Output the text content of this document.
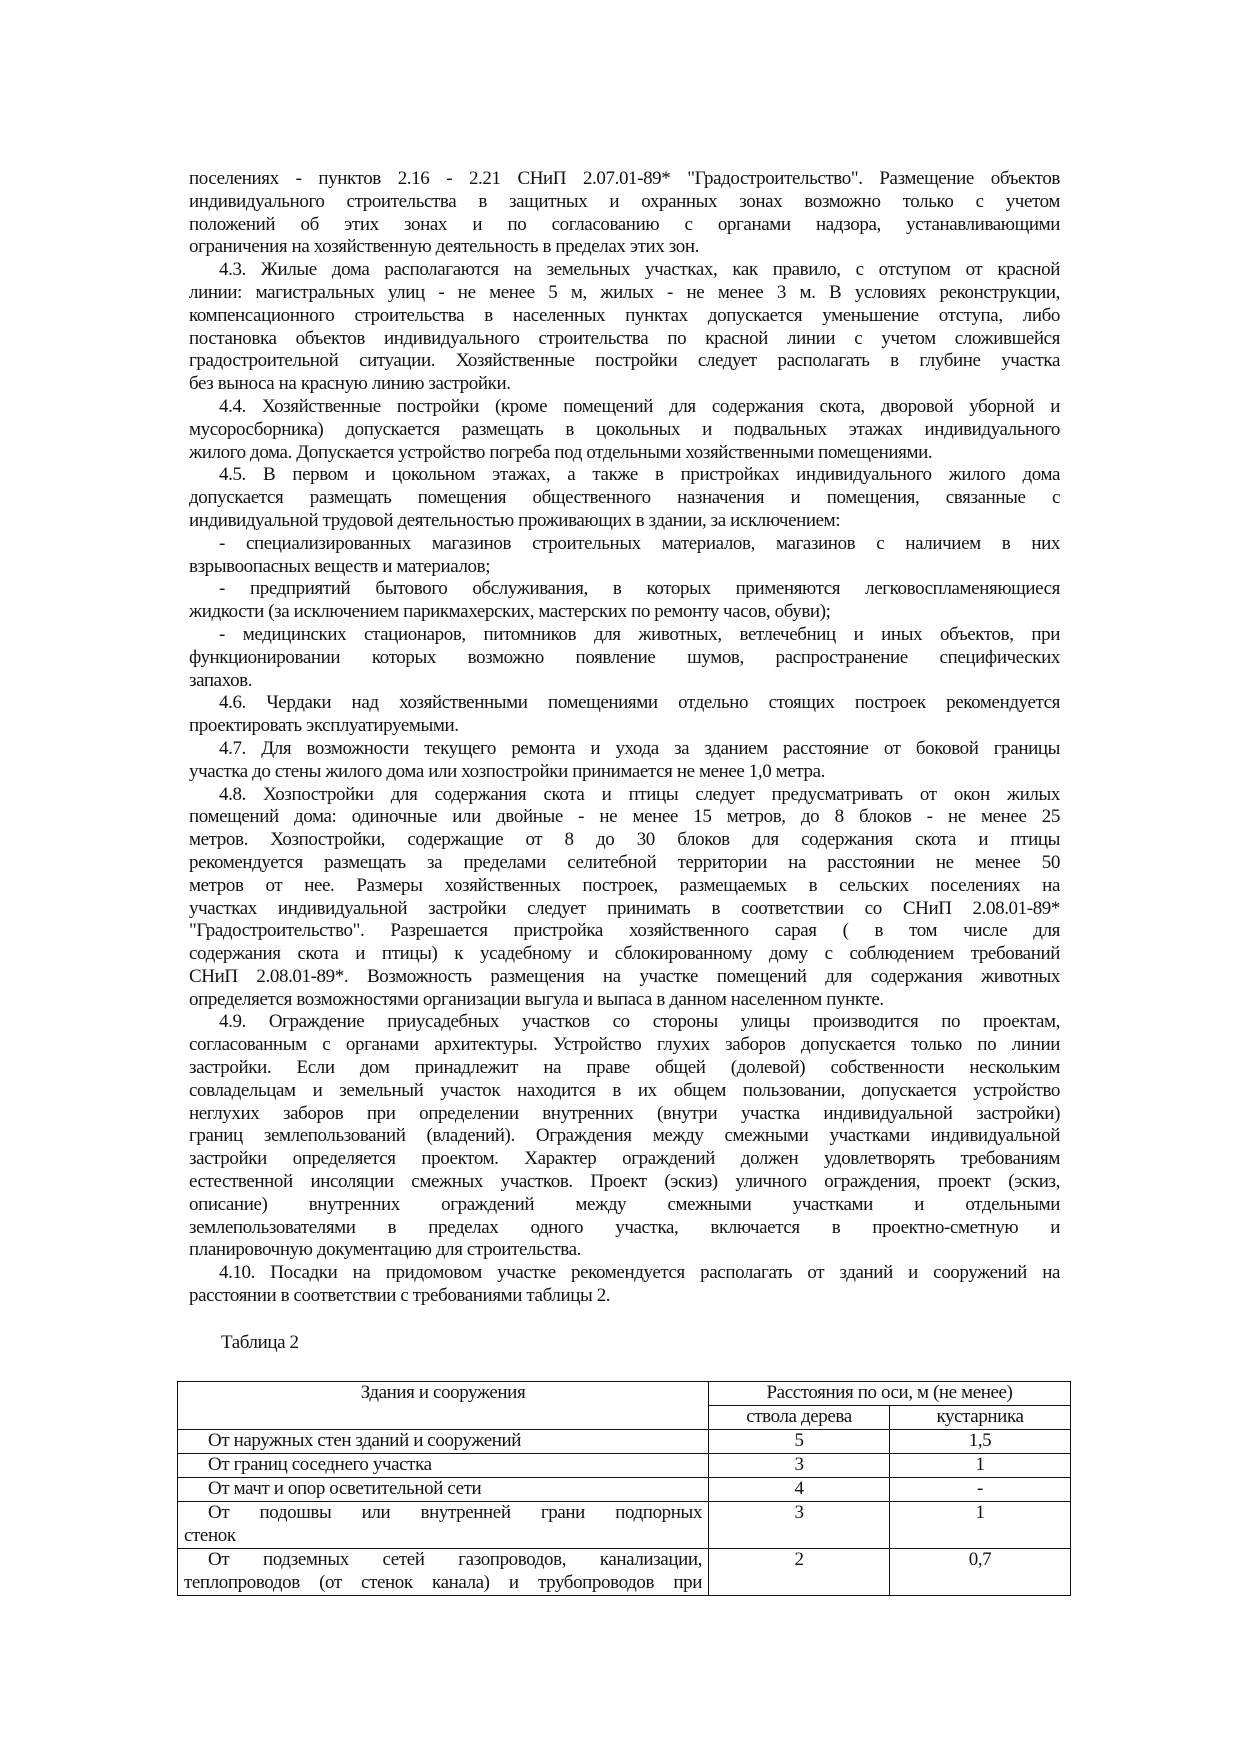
поселениях - пунктов 2.16 - 2.21 СНиП 2.07.01-89* "Градостроительство". Размещение объектов
индивидуального строительства в защитных и охранных зонах возможно только с учетом
положений об этих зонах и по согласованию с органами надзора, устанавливающими
ограничения на хозяйственную деятельность в пределах этих зон.
4.3. Жилые дома располагаются на земельных участках, как правило, с отступом от красной
линии: магистральных улиц - не менее 5 м, жилых - не менее 3 м. В условиях реконструкции,
компенсационного строительства в населенных пунктах допускается уменьшение отступа, либо
постановка объектов индивидуального строительства по красной линии с учетом сложившейся
градостроительной ситуации. Хозяйственные постройки следует располагать в глубине участка
без выноса на красную линию застройки.
4.4. Хозяйственные постройки (кроме помещений для содержания скота, дворовой уборной и
мусоросборника) допускается размещать в цокольных и подвальных этажах индивидуального
жилого дома. Допускается устройство погреба под отдельными хозяйственными помещениями.
4.5. В первом и цокольном этажах, а также в пристройках индивидуального жилого дома
допускается размещать помещения общественного назначения и помещения, связанные с
индивидуальной трудовой деятельностью проживающих в здании, за исключением:
- специализированных магазинов строительных материалов, магазинов с наличием в них
взрывоопасных веществ и материалов;
- предприятий бытового обслуживания, в которых применяются легковоспламеняющиеся
жидкости (за исключением парикмахерских, мастерских по ремонту часов, обуви);
- медицинских стационаров, питомников для животных, ветлечебниц и иных объектов, при
функционировании которых возможно появление шумов, распространение специфических
запахов.
4.6. Чердаки над хозяйственными помещениями отдельно стоящих построек рекомендуется
проектировать эксплуатируемыми.
4.7. Для возможности текущего ремонта и ухода за зданием расстояние от боковой границы
участка до стены жилого дома или хозпостройки принимается не менее 1,0 метра.
4.8. Хозпостройки для содержания скота и птицы следует предусматривать от окон жилых
помещений дома: одиночные или двойные - не менее 15 метров, до 8 блоков - не менее 25
метров. Хозпостройки, содержащие от 8 до 30 блоков для содержания скота и птицы
рекомендуется размещать за пределами селитебной территории на расстоянии не менее 50
метров от нее. Размеры хозяйственных построек, размещаемых в сельских поселениях на
участках индивидуальной застройки следует принимать в соответствии со СНиП 2.08.01-89*
"Градостроительство". Разрешается пристройка хозяйственного сарая ( в том числе для
содержания скота и птицы) к усадебному и сблокированному дому с соблюдением требований
СНиП 2.08.01-89*. Возможность размещения на участке помещений для содержания животных
определяется возможностями организации выгула и выпаса в данном населенном пункте.
4.9. Ограждение приусадебных участков со стороны улицы производится по проектам,
согласованным с органами архитектуры. Устройство глухих заборов допускается только по линии
застройки. Если дом принадлежит на праве общей (долевой) собственности нескольким
совладельцам и земельный участок находится в их общем пользовании, допускается устройство
неглухих заборов при определении внутренних (внутри участка индивидуальной застройки)
границ землепользований (владений). Ограждения между смежными участками индивидуальной
застройки определяется проектом. Характер ограждений должен удовлетворять требованиям
естественной инсоляции смежных участков. Проект (эскиз) уличного ограждения, проект (эскиз,
описание) внутренних ограждений между смежными участками и отдельными
землепользователями в пределах одного участка, включается в проектно-сметную и
планировочную документацию для строительства.
4.10. Посадки на придомовом участке рекомендуется располагать от зданий и сооружений на
расстоянии в соответствии с требованиями таблицы 2.
Таблица 2
Здания и сооружения	Расстояния по оси, м (не менее)	
	ствола дерева	кустарника

От наружных стен зданий и сооружений	5	1,5

От границ соседнего участка	3	1

От мачт и опор осветительной сети	4	-

От подошвы или внутренней грани подпорных
стенок	3	1

От подземных сетей газопроводов, канализации,
теплопроводов (от стенок канала) и трубопроводов при	2	0,7
